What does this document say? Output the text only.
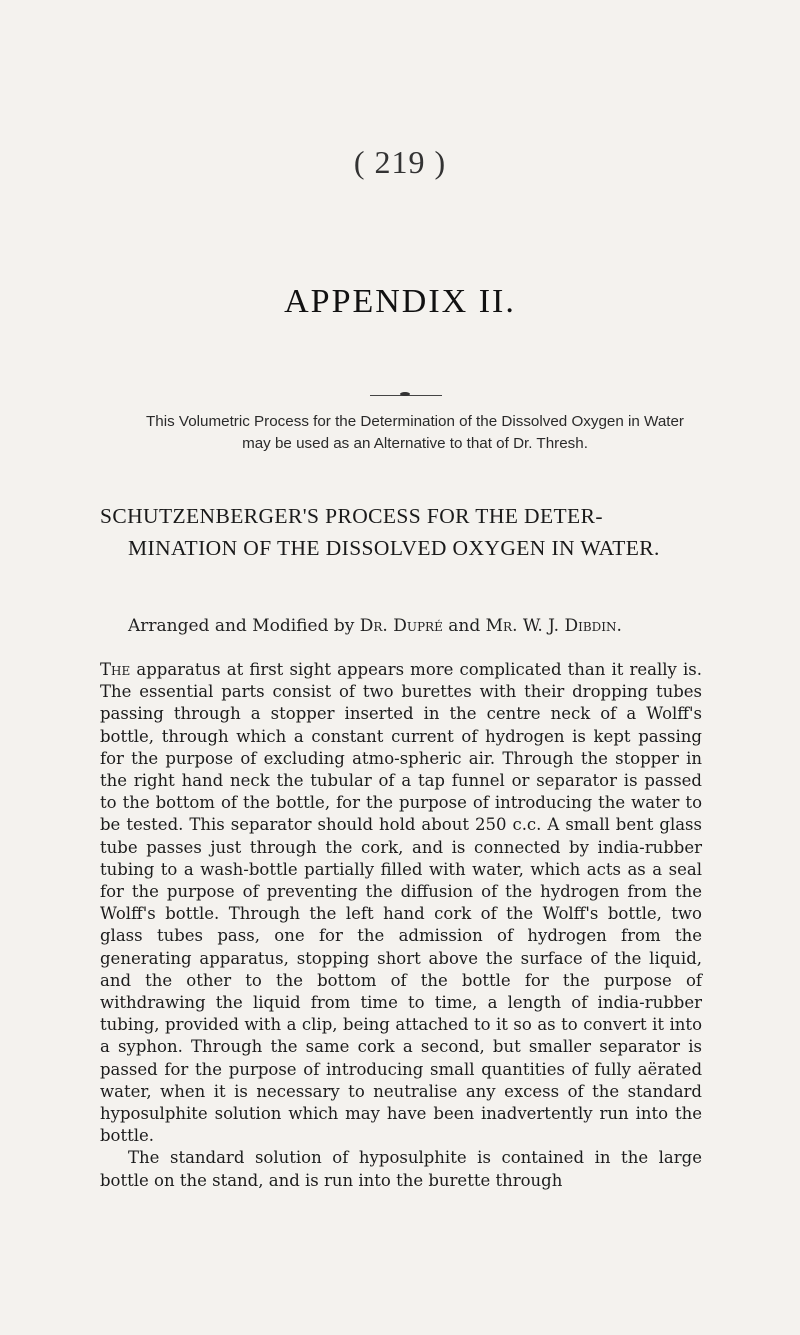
( 219 )
APPENDIX II.
This Volumetric Process for the Determination of the Dissolved Oxygen in Water may be used as an Alternative to that of Dr. Thresh.
SCHUTZENBERGER'S PROCESS FOR THE DETER-
MINATION OF THE DISSOLVED OXYGEN IN WATER.
Arranged and Modified by Dr. Dupré and Mr. W. J. Dibdin.

The apparatus at first sight appears more complicated than it really is. The essential parts consist of two burettes with their dropping tubes passing through a stopper inserted in the centre neck of a Wolff's bottle, through which a constant current of hydrogen is kept passing for the purpose of excluding atmo-spheric air. Through the stopper in the right hand neck the tubular of a tap funnel or separator is passed to the bottom of the bottle, for the purpose of introducing the water to be tested. This separator should hold about 250 c.c. A small bent glass tube passes just through the cork, and is connected by india-rubber tubing to a wash-bottle partially filled with water, which acts as a seal for the purpose of preventing the diffusion of the hydrogen from the Wolff's bottle. Through the left hand cork of the Wolff's bottle, two glass tubes pass, one for the admission of hydrogen from the generating apparatus, stopping short above the surface of the liquid, and the other to the bottom of the bottle for the purpose of withdrawing the liquid from time to time, a length of india-rubber tubing, provided with a clip, being attached to it so as to convert it into a syphon. Through the same cork a second, but smaller separator is passed for the purpose of introducing small quantities of fully aërated water, when it is necessary to neutralise any excess of the standard hyposulphite solution which may have been inadvertently run into the bottle.

The standard solution of hyposulphite is contained in the large bottle on the stand, and is run into the burette through
